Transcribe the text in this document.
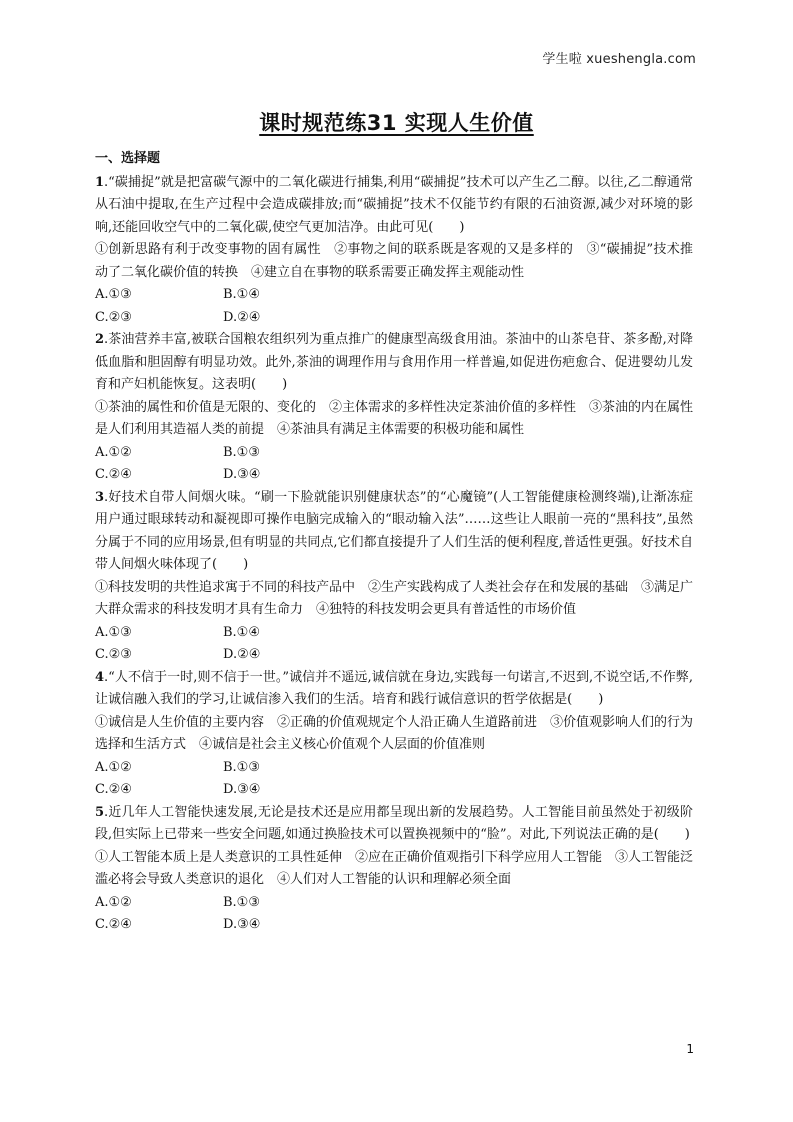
学生啦 xueshengla.com
课时规范练31 实现人生价值
一、选择题
1.“碳捕捉”就是把富碳气源中的二氧化碳进行捕集,利用“碳捕捉”技术可以产生乙二醇。以往,乙二醇通常从石油中提取,在生产过程中会造成碳排放;而“碳捕捉”技术不仅能节约有限的石油资源,减少对环境的影响,还能回收空气中的二氧化碳,使空气更加洁净。由此可见(　　)
①创新思路有利于改变事物的固有属性　②事物之间的联系既是客观的又是多样的　③“碳捕捉”技术推动了二氧化碳价值的转换　④建立自在事物的联系需要正确发挥主观能动性
A.①③	B.①④
C.②③	D.②④
2.茶油营养丰富,被联合国粮农组织列为重点推广的健康型高级食用油。茶油中的山茶皂苷、茶多酚,对降低血脂和胆固醇有明显功效。此外,茶油的调理作用与食用作用一样普遍,如促进伤疤愈合、促进婴幼儿发育和产妇机能恢复。这表明(　　)
①茶油的属性和价值是无限的、变化的　②主体需求的多样性决定茶油价值的多样性　③茶油的内在属性是人们利用其造福人类的前提　④茶油具有满足主体需要的积极功能和属性
A.①②	B.①③
C.②④	D.③④
3.好技术自带人间烟火味。“刷一下脸就能识别健康状态”的“心魔镜”(人工智能健康检测终端),让渐冻症用户通过眼球转动和凝视即可操作电脑完成输入的“眼动输入法”……这些让人眼前一亮的“黑科技”,虽然分属于不同的应用场景,但有明显的共同点,它们都直接提升了人们生活的便利程度,普适性更强。好技术自带人间烟火味体现了(　　)
①科技发明的共性追求寓于不同的科技产品中　②生产实践构成了人类社会存在和发展的基础　③满足广大群众需求的科技发明才具有生命力　④独特的科技发明会更具有普适性的市场价值
A.①③	B.①④
C.②③	D.②④
4.“人不信于一时,则不信于一世。”诚信并不遥远,诚信就在身边,实践每一句诺言,不迟到,不说空话,不作弊,让诚信融入我们的学习,让诚信渗入我们的生活。培育和践行诚信意识的哲学依据是(　　)
①诚信是人生价值的主要内容　②正确的价值观规定个人沿正确人生道路前进　③价值观影响人们的行为选择和生活方式　④诚信是社会主义核心价值观个人层面的价值准则
A.①②	B.①③
C.②④	D.③④
5.近几年人工智能快速发展,无论是技术还是应用都呈现出新的发展趋势。人工智能目前虽然处于初级阶段,但实际上已带来一些安全问题,如通过换脸技术可以置换视频中的“脸”。对此,下列说法正确的是(　　)
①人工智能本质上是人类意识的工具性延伸　②应在正确价值观指引下科学应用人工智能　③人工智能泛滥必将会导致人类意识的退化　④人们对人工智能的认识和理解必须全面
A.①②	B.①③
C.②④	D.③④
1
